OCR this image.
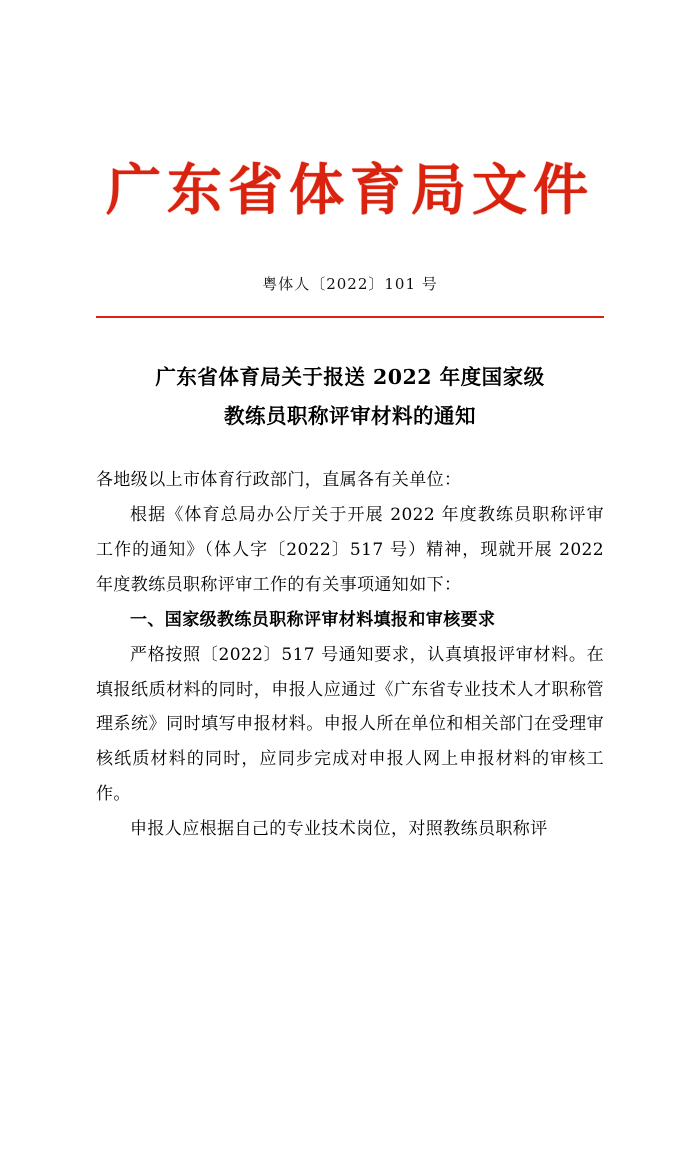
广东省体育局文件
粤体人〔2022〕101 号
广东省体育局关于报送 2022 年度国家级
教练员职称评审材料的通知

各地级以上市体育行政部门，直属各有关单位：

根据《体育总局办公厅关于开展 2022 年度教练员职称评审工作的通知》（体人字〔2022〕517 号）精神，现就开展 2022 年度教练员职称评审工作的有关事项通知如下：

一、国家级教练员职称评审材料填报和审核要求

严格按照〔2022〕517 号通知要求，认真填报评审材料。在填报纸质材料的同时，申报人应通过《广东省专业技术人才职称管理系统》同时填写申报材料。申报人所在单位和相关部门在受理审核纸质材料的同时，应同步完成对申报人网上申报材料的审核工作。

申报人应根据自己的专业技术岗位，对照教练员职称评
